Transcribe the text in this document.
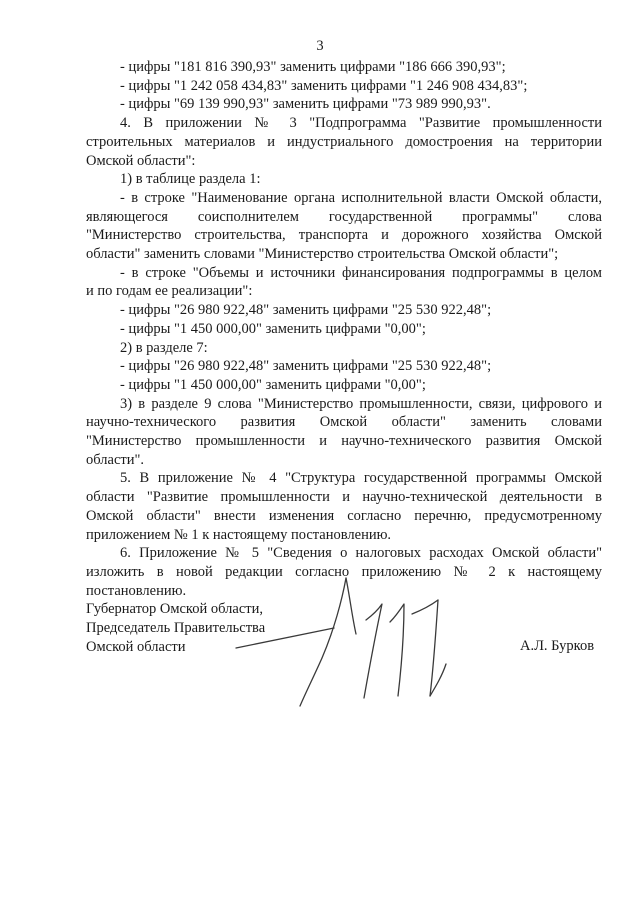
3
- цифры "181 816 390,93" заменить цифрами "186 666 390,93";
- цифры "1 242 058 434,83" заменить цифрами "1 246 908 434,83";
- цифры "69 139 990,93" заменить цифрами "73 989 990,93".
4. В приложении № 3 "Подпрограмма "Развитие промышленности
строительных материалов и индустриального домостроения на территории
Омской области":
1) в таблице раздела 1:
- в строке "Наименование органа исполнительной власти Омской области,
являющегося соисполнителем государственной программы" слова
"Министерство строительства, транспорта и дорожного хозяйства Омской
области" заменить словами "Министерство строительства Омской области";
- в строке "Объемы и источники финансирования подпрограммы в целом
и по годам ее реализации":
- цифры "26 980 922,48" заменить цифрами "25 530 922,48";
- цифры "1 450 000,00" заменить цифрами "0,00";
2) в разделе 7:
- цифры "26 980 922,48" заменить цифрами "25 530 922,48";
- цифры "1 450 000,00" заменить цифрами "0,00";
3) в разделе 9 слова "Министерство промышленности, связи, цифрового и
научно-технического развития Омской области" заменить словами
"Министерство промышленности и научно-технического развития Омской
области".
5. В приложение № 4 "Структура государственной программы Омской
области "Развитие промышленности и научно-технической деятельности в
Омской области" внести изменения согласно перечню, предусмотренному
приложением № 1 к настоящему постановлению.
6. Приложение № 5 "Сведения о налоговых расходах Омской области"
изложить в новой редакции согласно приложению № 2 к настоящему
постановлению.
Губернатор Омской области,
Председатель Правительства
Омской области	А.Л. Бурков
